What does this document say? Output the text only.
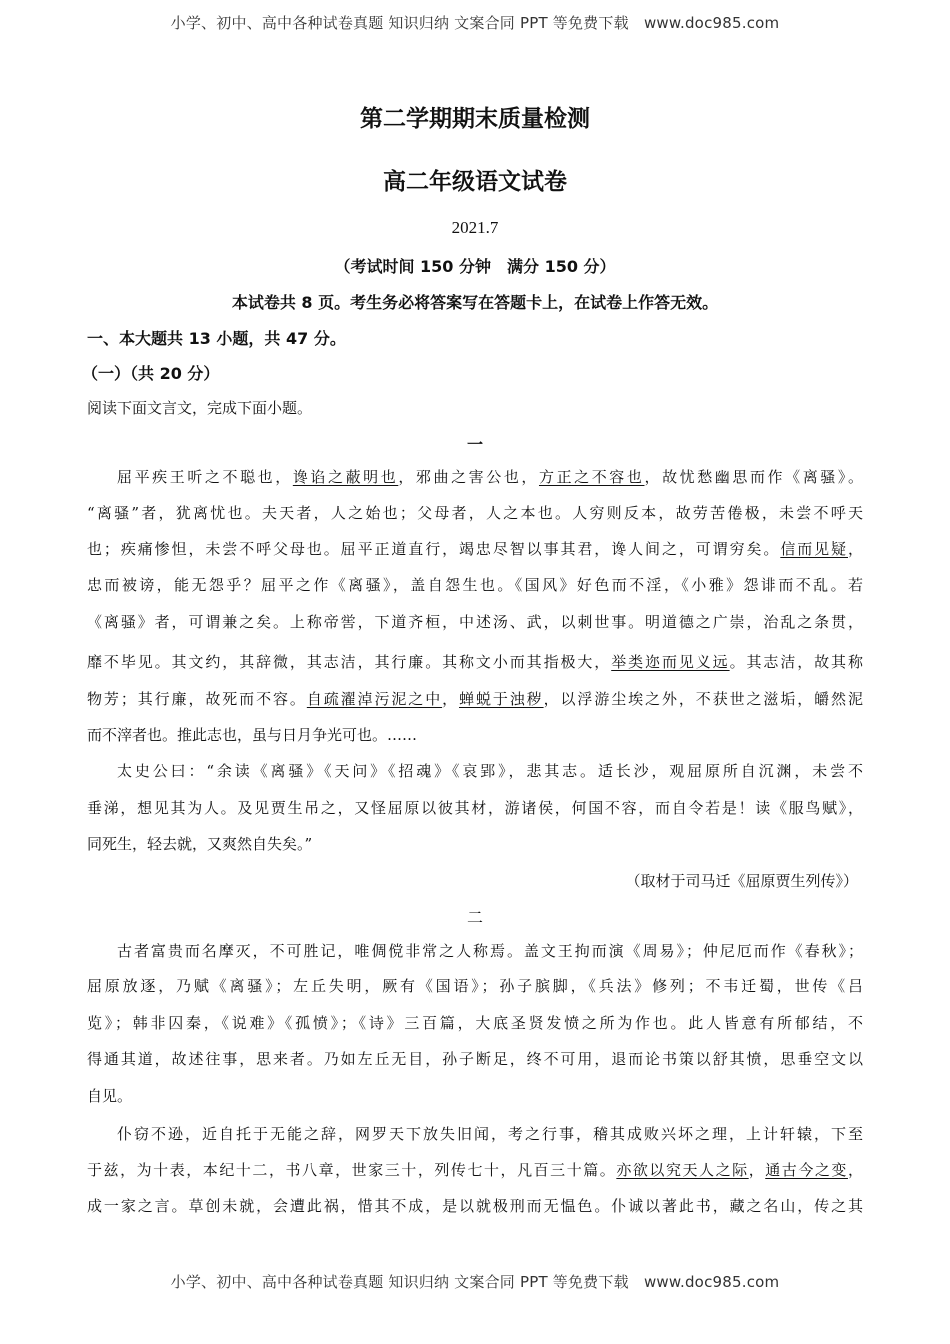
小学、初中、高中各种试卷真题 知识归纳 文案合同 PPT 等免费下载　www.doc985.com
第二学期期末质量检测
高二年级语文试卷
2021.7
（考试时间 150 分钟　满分 150 分）
本试卷共 8 页。考生务必将答案写在答题卡上，在试卷上作答无效。
一、本大题共 13 小题，共 47 分。
（一）（共 20 分）
阅读下面文言文，完成下面小题。
一
屈平疾王听之不聪也，谗谄之蔽明也，邪曲之害公也，方正之不容也，故忧愁幽思而作《离骚》。
“离骚”者，犹离忧也。夫天者，人之始也；父母者，人之本也。人穷则反本，故劳苦倦极，未尝不呼天
也；疾痛惨怛，未尝不呼父母也。屈平正道直行，竭忠尽智以事其君，谗人间之，可谓穷矣。信而见疑，
忠而被谤，能无怨乎？屈平之作《离骚》，盖自怨生也。《国风》好色而不淫，《小雅》怨诽而不乱。若
《离骚》者，可谓兼之矣。上称帝喾，下道齐桓，中述汤、武，以刺世事。明道德之广崇，治乱之条贯，
靡不毕见。其文约，其辞微，其志洁，其行廉。其称文小而其指极大，举类迩而见义远。其志洁，故其称
物芳；其行廉，故死而不容。自疏濯淖污泥之中，蝉蜕于浊秽，以浮游尘埃之外，不获世之滋垢，皭然泥
而不滓者也。推此志也，虽与日月争光可也。……
太史公曰：“余读《离骚》《天问》《招魂》《哀郢》，悲其志。适长沙，观屈原所自沉渊，未尝不
垂涕，想见其为人。及见贾生吊之，又怪屈原以彼其材，游诸侯，何国不容，而自令若是！读《服鸟赋》，
同死生，轻去就，又爽然自失矣。”
（取材于司马迁《屈原贾生列传》）
二
古者富贵而名摩灭，不可胜记，唯倜傥非常之人称焉。盖文王拘而演《周易》；仲尼厄而作《春秋》；
屈原放逐，乃赋《离骚》；左丘失明，厥有《国语》；孙子膑脚，《兵法》修列；不韦迁蜀，世传《吕
览》；韩非囚秦，《说难》《孤愤》；《诗》三百篇，大底圣贤发愤之所为作也。此人皆意有所郁结，不
得通其道，故述往事，思来者。乃如左丘无目，孙子断足，终不可用，退而论书策以舒其愤，思垂空文以
自见。
仆窃不逊，近自托于无能之辞，网罗天下放失旧闻，考之行事，稽其成败兴坏之理，上计轩辕，下至
于兹，为十表，本纪十二，书八章，世家三十，列传七十，凡百三十篇。亦欲以究天人之际，通古今之变，
成一家之言。草创未就，会遭此祸，惜其不成，是以就极刑而无愠色。仆诚以著此书，藏之名山，传之其
小学、初中、高中各种试卷真题 知识归纳 文案合同 PPT 等免费下载　www.doc985.com
